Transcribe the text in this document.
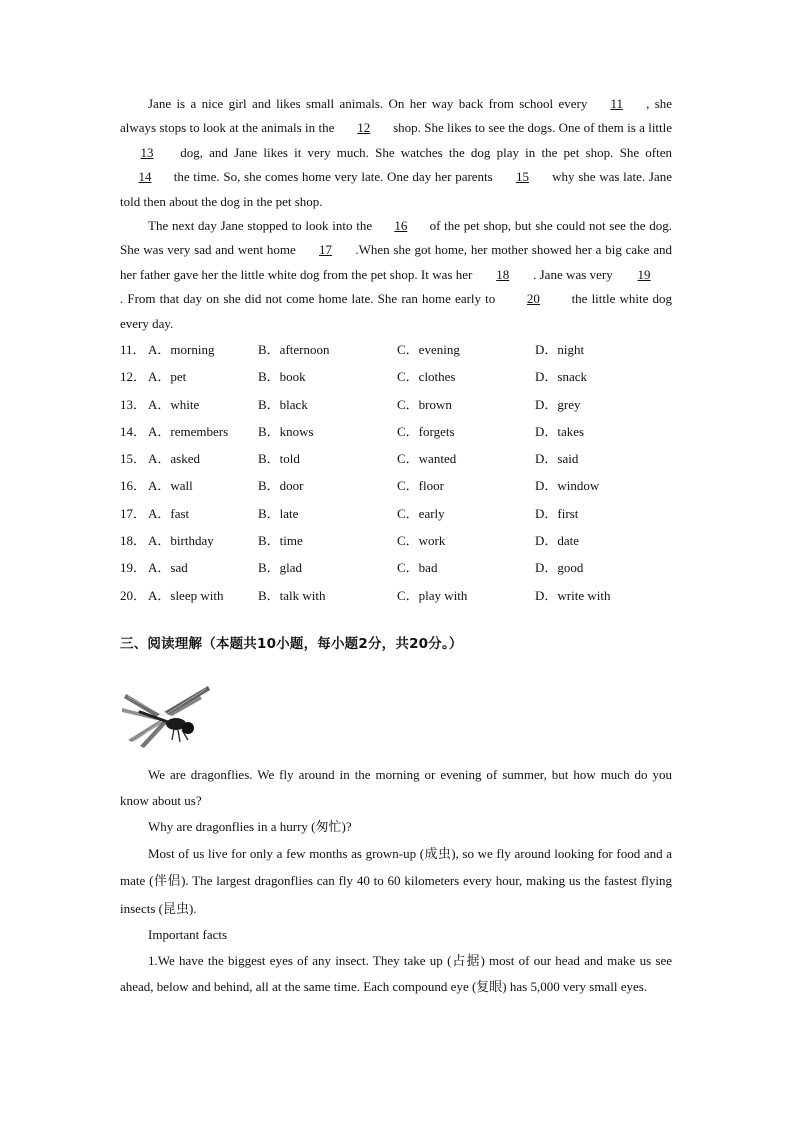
Jane is a nice girl and likes small animals. On her way back from school every 11 , she always stops to look at the animals in the 12 shop. She likes to see the dogs. One of them is a little 13 dog, and Jane likes it very much. She watches the dog play in the pet shop. She often 14 the time. So, she comes home very late. One day her parents 15 why she was late. Jane told then about the dog in the pet shop.

The next day Jane stopped to look into the 16 of the pet shop, but she could not see the dog. She was very sad and went home 17 .When she got home, her mother showed her a big cake and her father gave her the little white dog from the pet shop. It was her 18 . Jane was very 19 . From that day on she did not come home late. She ran home early to 20 the little white dog every day.

11． A．morning	B．afternoon	C．evening	D．night
12． A．pet	B．book	C．clothes	D．snack
13． A．white	B．black	C．brown	D．grey
14． A．remembers B．knows	C．forgets	D．takes
15． A．asked	B．told	C．wanted	D．said
16． A．wall	B．door	C．floor	D．window
17． A．fast	B．late	C．early	D．first
18． A．birthday	B．time	C．work	D．date
19． A．sad	B．glad	C．bad	D．good
20． A．sleep with	B．talk with	C．play with	D．write with
三、阅读理解（本题共10小题，每小题2分，共20分。）

We are dragonflies. We fly around in the morning or evening of summer, but how much do you know about us?

Why are dragonflies in a hurry (匆忙)?

Most of us live for only a few months as grown-up (成虫), so we fly around looking for food and a mate (伴侣). The largest dragonflies can fly 40 to 60 kilometers every hour, making us the fastest flying insects (昆虫).

Important facts

1.We have the biggest eyes of any insect. They take up (占据) most of our head and make us see ahead, below and behind, all at the same time. Each compound eye (复眼) has 5,000 very small eyes.
